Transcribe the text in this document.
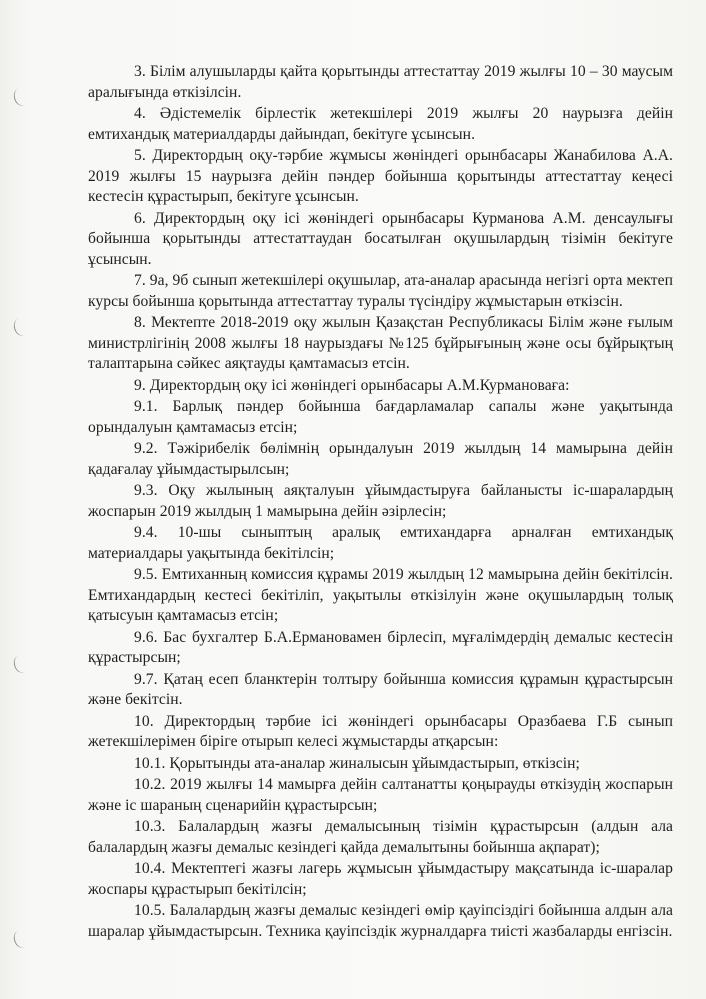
3. Білім алушыларды қайта қорытынды аттестаттау 2019 жылғы 10 – 30 маусым аралығында өткізілсін.

4. Әдістемелік бірлестік жетекшілері 2019 жылғы 20 наурызға дейін емтихандық материалдарды дайындап, бекітуге ұсынсын.

5. Директордың оқу-тәрбие жұмысы жөніндегі орынбасары Жанабилова А.А. 2019 жылғы 15 наурызға дейін пәндер бойынша қорытынды аттестаттау кеңесі кестесін құрастырып, бекітуге ұсынсын.

6. Директордың оқу ісі жөніндегі орынбасары Курманова А.М. денсаулығы бойынша қорытынды аттестаттаудан босатылған оқушылардың тізімін бекітуге ұсынсын.

7. 9а, 9б сынып жетекшілері оқушылар, ата-аналар арасында негізгі орта мектеп курсы бойынша қорытында аттестаттау туралы түсіндіру жұмыстарын өткізсін.

8. Мектепте 2018-2019 оқу жылын Қазақстан Республикасы Білім және ғылым министрлігінің 2008 жылғы 18 наурыздағы №125 бұйрығының және осы бұйрықтың талаптарына сәйкес аяқтауды қамтамасыз етсін.

9. Директордың оқу ісі жөніндегі орынбасары А.М.Курмановаға:

9.1. Барлық пәндер бойынша бағдарламалар сапалы және уақытында орындалуын қамтамасыз етсін;

9.2. Тәжірибелік бөлімнің орындалуын 2019 жылдың 14 мамырына дейін қадағалау ұйымдастырылсын;

9.3. Оқу жылының аяқталуын ұйымдастыруға байланысты іс-шаралардың жоспарын 2019 жылдың 1 мамырына дейін әзірлесін;

9.4. 10-шы сыныптың аралық емтихандарға арналған емтихандық материалдары уақытында бекітілсін;

9.5. Емтиханның комиссия құрамы 2019 жылдың 12 мамырына дейін бекітілсін. Емтихандардың кестесі бекітіліп, уақытылы өткізілуін және оқушылардың толық қатысуын қамтамасыз етсін;

9.6. Бас бухгалтер Б.А.Ермановамен бірлесіп, мұғалімдердің демалыс кестесін құрастырсын;

9.7. Қатаң есеп бланктерін толтыру бойынша комиссия құрамын құрастырсын және бекітсін.

10. Директордың тәрбие ісі жөніндегі орынбасары Оразбаева Г.Б сынып жетекшілерімен біріге отырып келесі жұмыстарды атқарсын:

10.1. Қорытынды ата-аналар жиналысын ұйымдастырып, өткізсін;

10.2. 2019 жылғы 14 мамырға дейін салтанатты қоңырауды өткізудің жоспарын және іс шараның сценарийін құрастырсын;

10.3. Балалардың жазғы демалысының тізімін құрастырсын (алдын ала балалардың жазғы демалыс кезіндегі қайда демалытыны бойынша ақпарат);

10.4. Мектептегі жазғы лагерь жұмысын ұйымдастыру мақсатында іс-шаралар жоспары құрастырып бекітілсін;

10.5. Балалардың жазғы демалыс кезіндегі өмір қауіпсіздігі бойынша алдын ала шаралар ұйымдастырсын. Техника қауіпсіздік журналдарға тиісті жазбаларды енгізсін.
